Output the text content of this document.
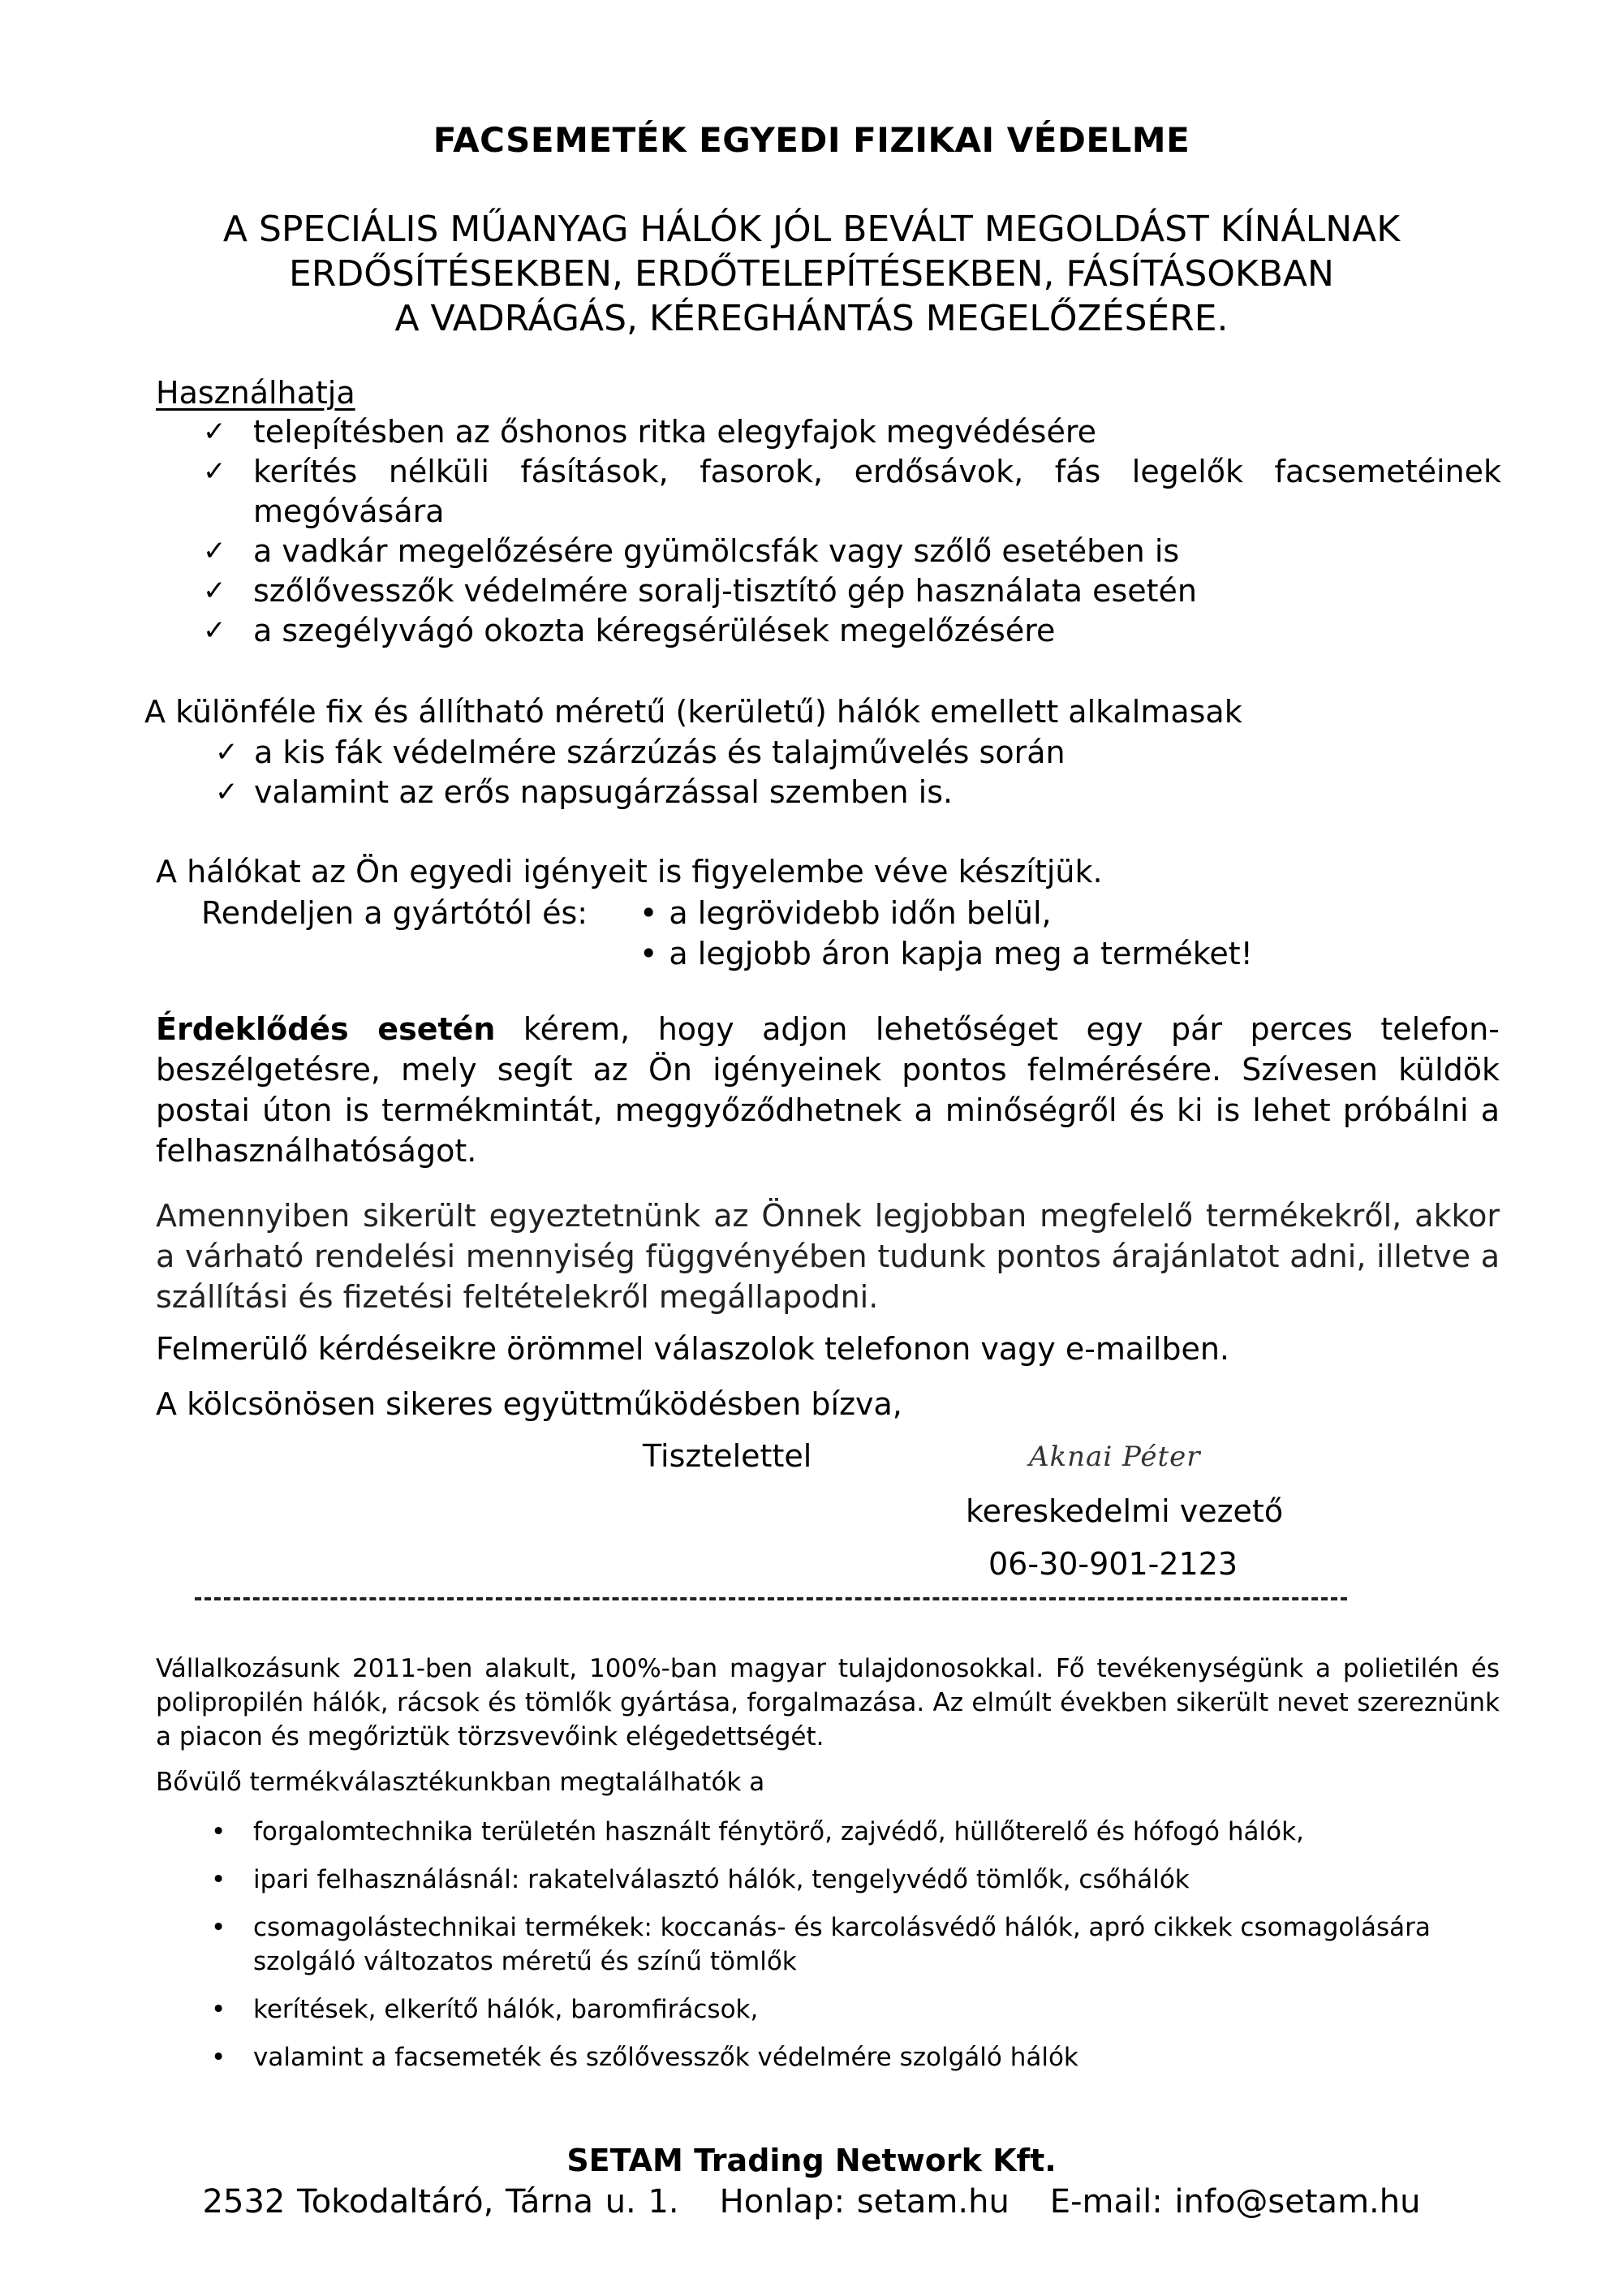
FACSEMETÉK EGYEDI FIZIKAI VÉDELME
A SPECIÁLIS MŰANYAG HÁLÓK JÓL BEVÁLT MEGOLDÁST KÍNÁLNAK
ERDŐSÍTÉSEKBEN, ERDŐTELEPÍTÉSEKBEN, FÁSÍTÁSOKBAN
A VADRÁGÁS, KÉREGHÁNTÁS MEGELŐZÉSÉRE.
Használhatja
✓ telepítésben az őshonos ritka elegyfajok megvédésére
✓ kerítés nélküli fásítások, fasorok, erdősávok, fás legelők facsemetéinek
megóvására
✓ a vadkár megelőzésére gyümölcsfák vagy szőlő esetében is
✓ szőlővesszők védelmére soralj-tisztító gép használata esetén
✓ a szegélyvágó okozta kéregsérülések megelőzésére
A különféle fix és állítható méretű (kerületű) hálók emellett alkalmasak
✓ a kis fák védelmére szárzúzás és talajművelés során
✓ valamint az erős napsugárzással szemben is.
A hálókat az Ön egyedi igényeit is figyelembe véve készítjük.
Rendeljen a gyártótól és:	• a legrövidebb időn belül,
• a legjobb áron kapja meg a terméket!

Érdeklődés esetén kérem, hogy adjon lehetőséget egy pár perces telefon-beszélgetésre, mely segít az Ön igényeinek pontos felmérésére. Szívesen küldök postai úton is termékmintát, meggyőződhetnek a minőségről és ki is lehet próbálni a felhasználhatóságot.

Amennyiben sikerült egyeztetnünk az Önnek legjobban megfelelő termékekről, akkor a várható rendelési mennyiség függvényében tudunk pontos árajánlatot adni, illetve a szállítási és fizetési feltételekről megállapodni.

Felmerülő kérdéseikre örömmel válaszolok telefonon vagy e-mailben.

A kölcsönösen sikeres együttműködésben bízva,

Tisztelettel	Aknai Péter
kereskedelmi vezető
06-30-901-2123

Vállalkozásunk 2011-ben alakult, 100%-ban magyar tulajdonosokkal. Fő tevékenységünk a polietilén és polipropilén hálók, rácsok és tömlők gyártása, forgalmazása. Az elmúlt években sikerült nevet szereznünk a piacon és megőriztük törzsvevőink elégedettségét.

Bővülő termékválasztékunkban megtalálhatók a
• forgalomtechnika területén használt fénytörő, zajvédő, hüllőterelő és hófogó hálók,
• ipari felhasználásnál: rakatelválasztó hálók, tengelyvédő tömlők, csőhálók
• csomagolástechnikai termékek: koccanás- és karcolásvédő hálók, apró cikkek csomagolására szolgáló változatos méretű és színű tömlők
• kerítések, elkerítő hálók, baromfirácsok,
• valamint a facsemeték és szőlővesszők védelmére szolgáló hálók
SETAM Trading Network Kft.
2532 Tokodaltáró, Tárna u. 1. Honlap: setam.hu E-mail: info@setam.hu
